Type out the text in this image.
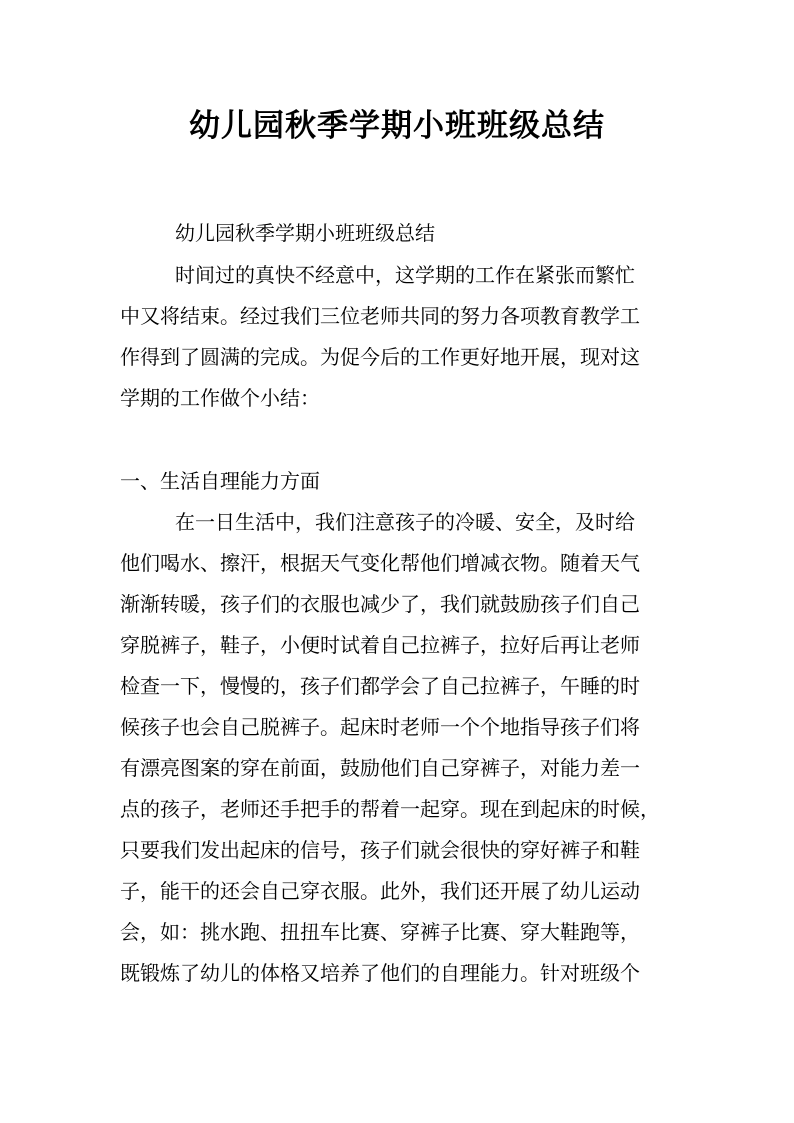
幼儿园秋季学期小班班级总结

幼儿园秋季学期小班班级总结

时间过的真快不经意中，这学期的工作在紧张而繁忙

中又将结束。经过我们三位老师共同的努力各项教育教学工

作得到了圆满的完成。为促今后的工作更好地开展，现对这

学期的工作做个小结：

一、生活自理能力方面

在一日生活中，我们注意孩子的冷暖、安全，及时给

他们喝水、擦汗，根据天气变化帮他们增减衣物。随着天气

渐渐转暖，孩子们的衣服也减少了，我们就鼓励孩子们自己

穿脱裤子，鞋子，小便时试着自己拉裤子，拉好后再让老师

检查一下，慢慢的，孩子们都学会了自己拉裤子，午睡的时

候孩子也会自己脱裤子。起床时老师一个个地指导孩子们将

有漂亮图案的穿在前面，鼓励他们自己穿裤子，对能力差一

点的孩子，老师还手把手的帮着一起穿。现在到起床的时候，

只要我们发出起床的信号，孩子们就会很快的穿好裤子和鞋

子，能干的还会自己穿衣服。此外，我们还开展了幼儿运动

会，如：挑水跑、扭扭车比赛、穿裤子比赛、穿大鞋跑等，

既锻炼了幼儿的体格又培养了他们的自理能力。针对班级个
